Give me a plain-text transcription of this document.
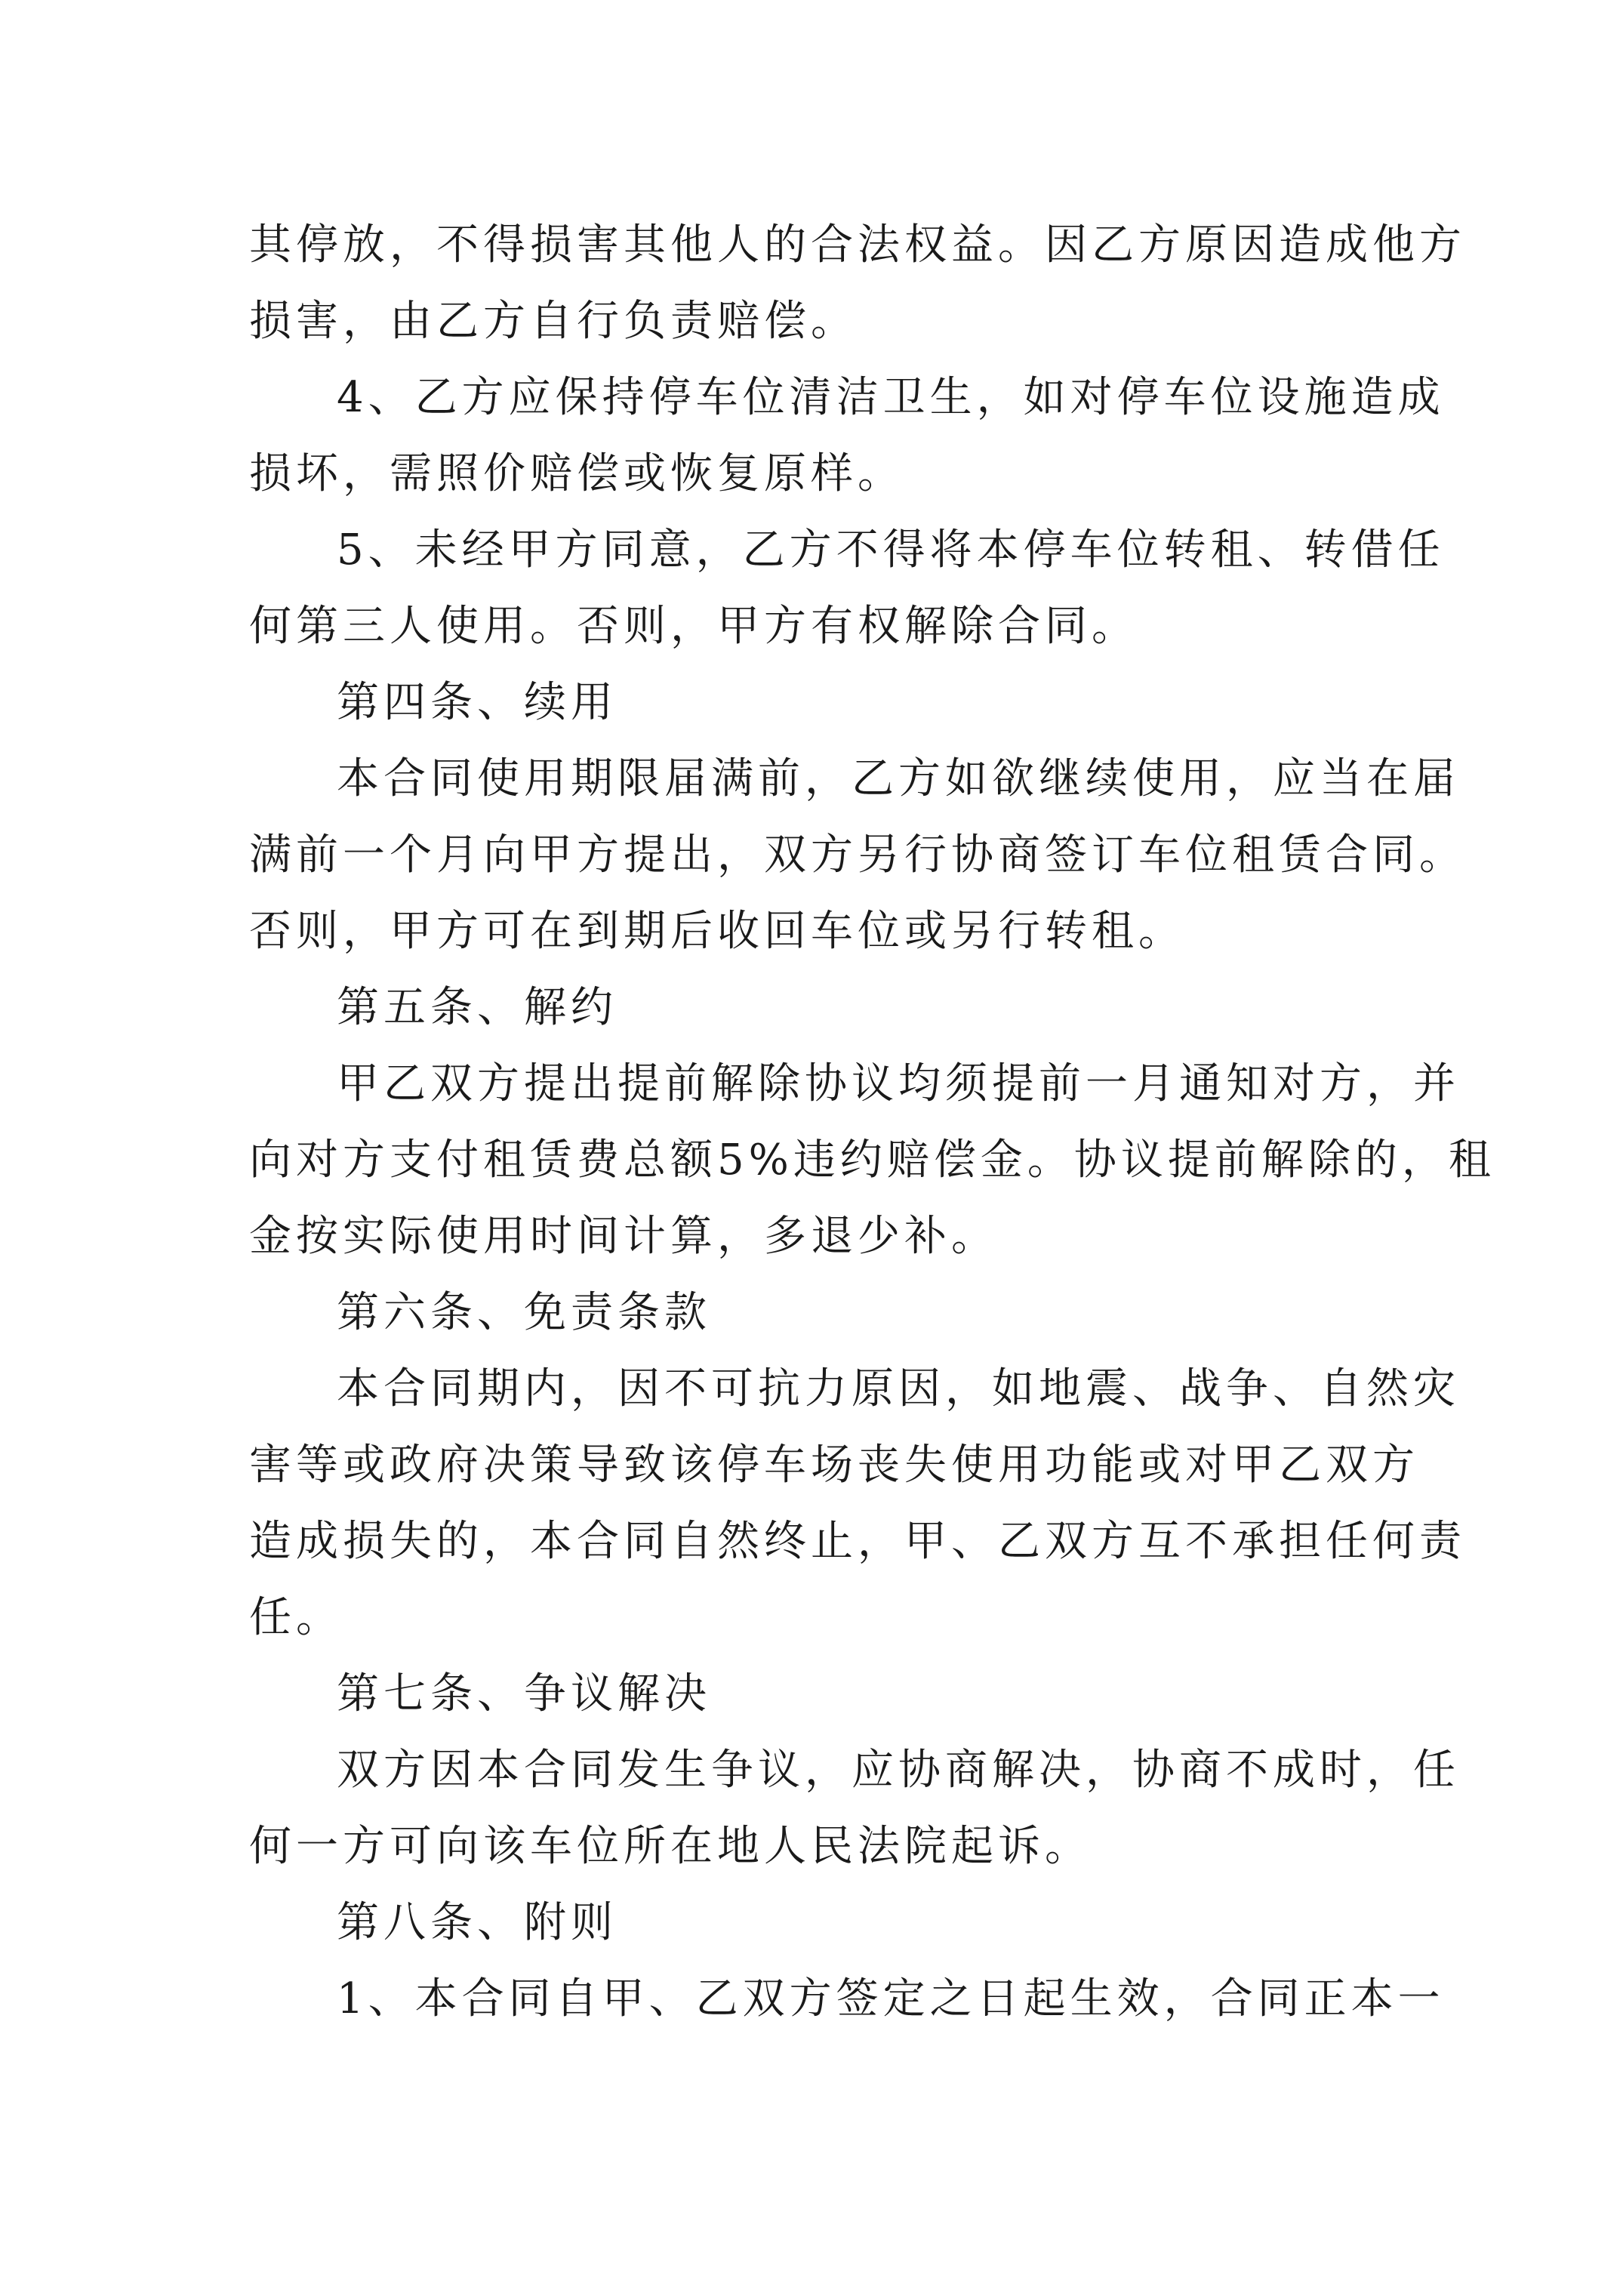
其停放，不得损害其他人的合法权益。因乙方原因造成他方
损害，由乙方自行负责赔偿。
4、乙方应保持停车位清洁卫生，如对停车位设施造成
损坏，需照价赔偿或恢复原样。
5、未经甲方同意，乙方不得将本停车位转租、转借任
何第三人使用。否则，甲方有权解除合同。
第四条、续用
本合同使用期限届满前，乙方如欲继续使用，应当在届
满前一个月向甲方提出，双方另行协商签订车位租赁合同。
否则，甲方可在到期后收回车位或另行转租。
第五条、解约
甲乙双方提出提前解除协议均须提前一月通知对方，并
向对方支付租赁费总额5%违约赔偿金。协议提前解除的，租
金按实际使用时间计算，多退少补。
第六条、免责条款
本合同期内，因不可抗力原因，如地震、战争、自然灾
害等或政府决策导致该停车场丧失使用功能或对甲乙双方
造成损失的，本合同自然终止，甲、乙双方互不承担任何责
任。
第七条、争议解决
双方因本合同发生争议，应协商解决，协商不成时，任
何一方可向该车位所在地人民法院起诉。
第八条、附则
1、本合同自甲、乙双方签定之日起生效，合同正本一
